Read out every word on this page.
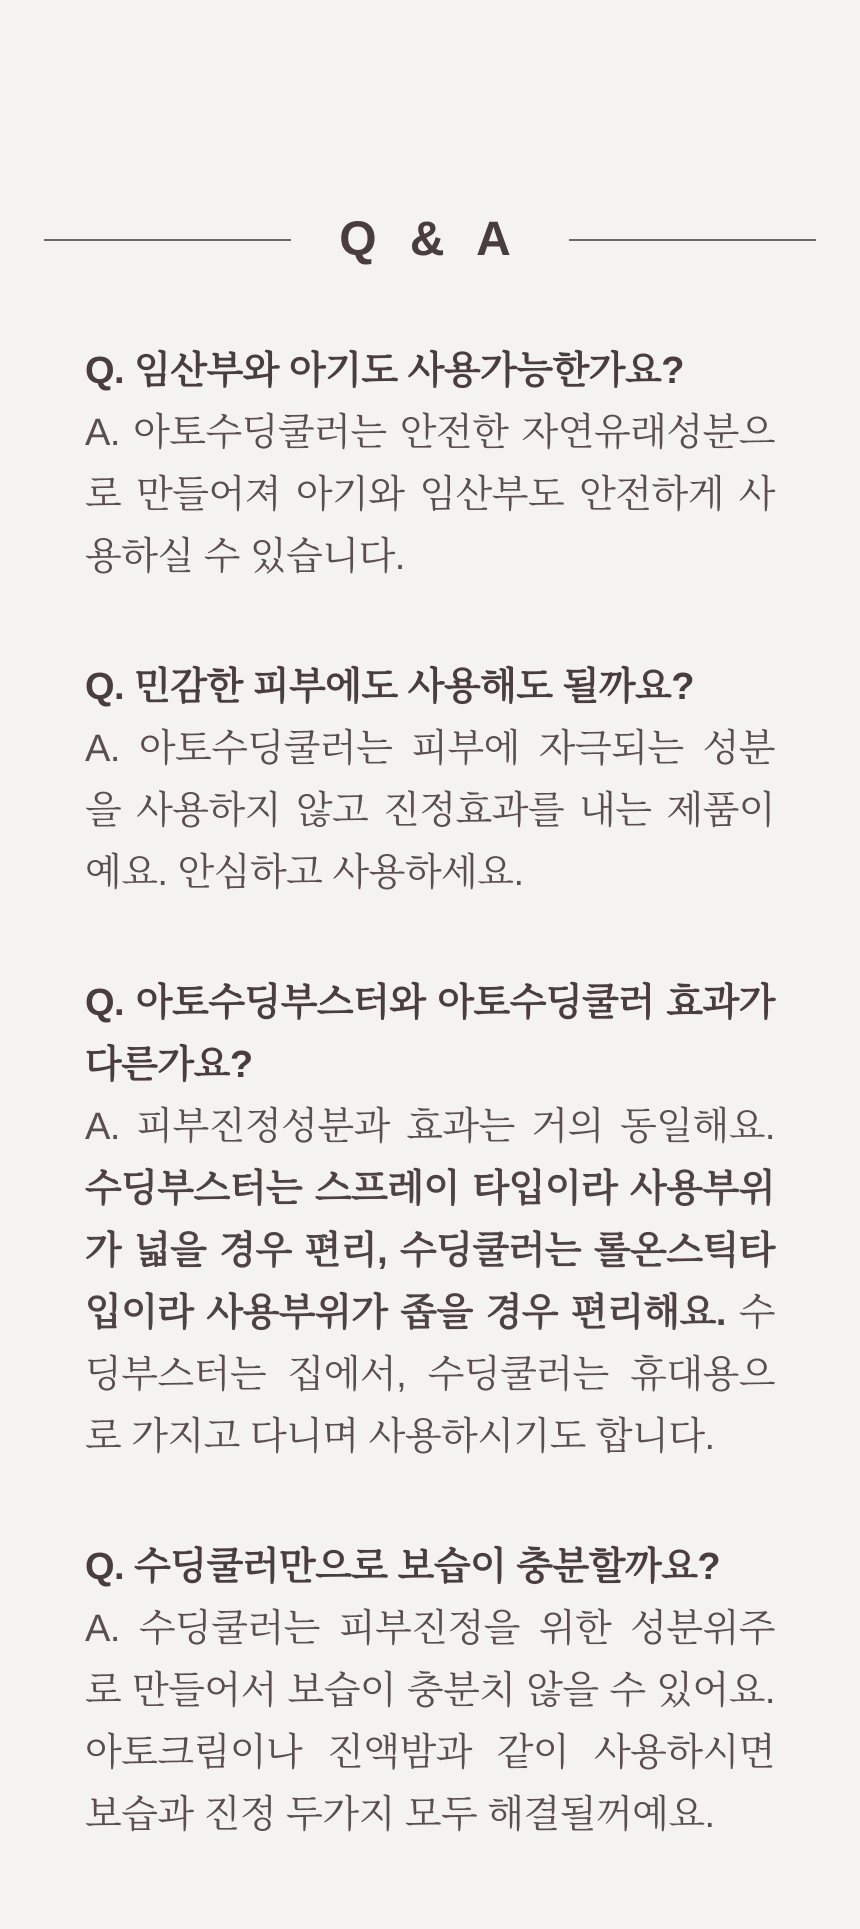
Q & A

Q. 임산부와 아기도 사용가능한가요?

A. 아토수딩쿨러는 안전한 자연유래성분으로 만들어져 아기와 임산부도 안전하게 사용하실 수 있습니다.

Q. 민감한 피부에도 사용해도 될까요?

A. 아토수딩쿨러는 피부에 자극되는 성분을 사용하지 않고 진정효과를 내는 제품이예요. 안심하고 사용하세요.

Q. 아토수딩부스터와 아토수딩쿨러 효과가 다른가요?

A. 피부진정성분과 효과는 거의 동일해요. 수딩부스터는 스프레이 타입이라 사용부위가 넓을 경우 편리, 수딩쿨러는 롤온스틱타입이라 사용부위가 좁을 경우 편리해요. 수딩부스터는 집에서, 수딩쿨러는 휴대용으로 가지고 다니며 사용하시기도 합니다.

Q. 수딩쿨러만으로 보습이 충분할까요?

A. 수딩쿨러는 피부진정을 위한 성분위주로 만들어서 보습이 충분치 않을 수 있어요. 아토크림이나 진액밤과 같이 사용하시면 보습과 진정 두가지 모두 해결될꺼예요.
